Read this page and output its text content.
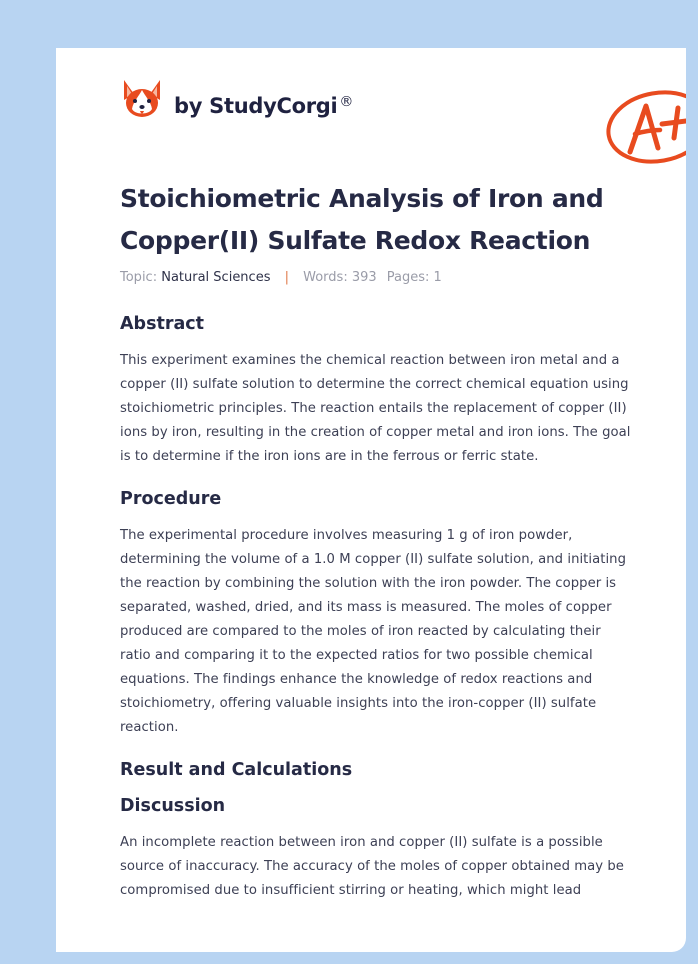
by StudyCorgi ®
A+
Stoichiometric Analysis of Iron and Copper(II) Sulfate Redox Reaction
Topic: Natural Sciences | Words: 393 Pages: 1
Abstract

This experiment examines the chemical reaction between iron metal and a copper (II) sulfate solution to determine the correct chemical equation using stoichiometric principles. The reaction entails the replacement of copper (II) ions by iron, resulting in the creation of copper metal and iron ions. The goal is to determine if the iron ions are in the ferrous or ferric state.

Procedure

The experimental procedure involves measuring 1 g of iron powder, determining the volume of a 1.0 M copper (II) sulfate solution, and initiating the reaction by combining the solution with the iron powder. The copper is separated, washed, dried, and its mass is measured. The moles of copper produced are compared to the moles of iron reacted by calculating their ratio and comparing it to the expected ratios for two possible chemical equations. The findings enhance the knowledge of redox reactions and stoichiometry, offering valuable insights into the iron-copper (II) sulfate reaction.

Result and Calculations
Discussion

An incomplete reaction between iron and copper (II) sulfate is a possible source of inaccuracy. The accuracy of the moles of copper obtained may be compromised due to insufficient stirring or heating, which might lead
